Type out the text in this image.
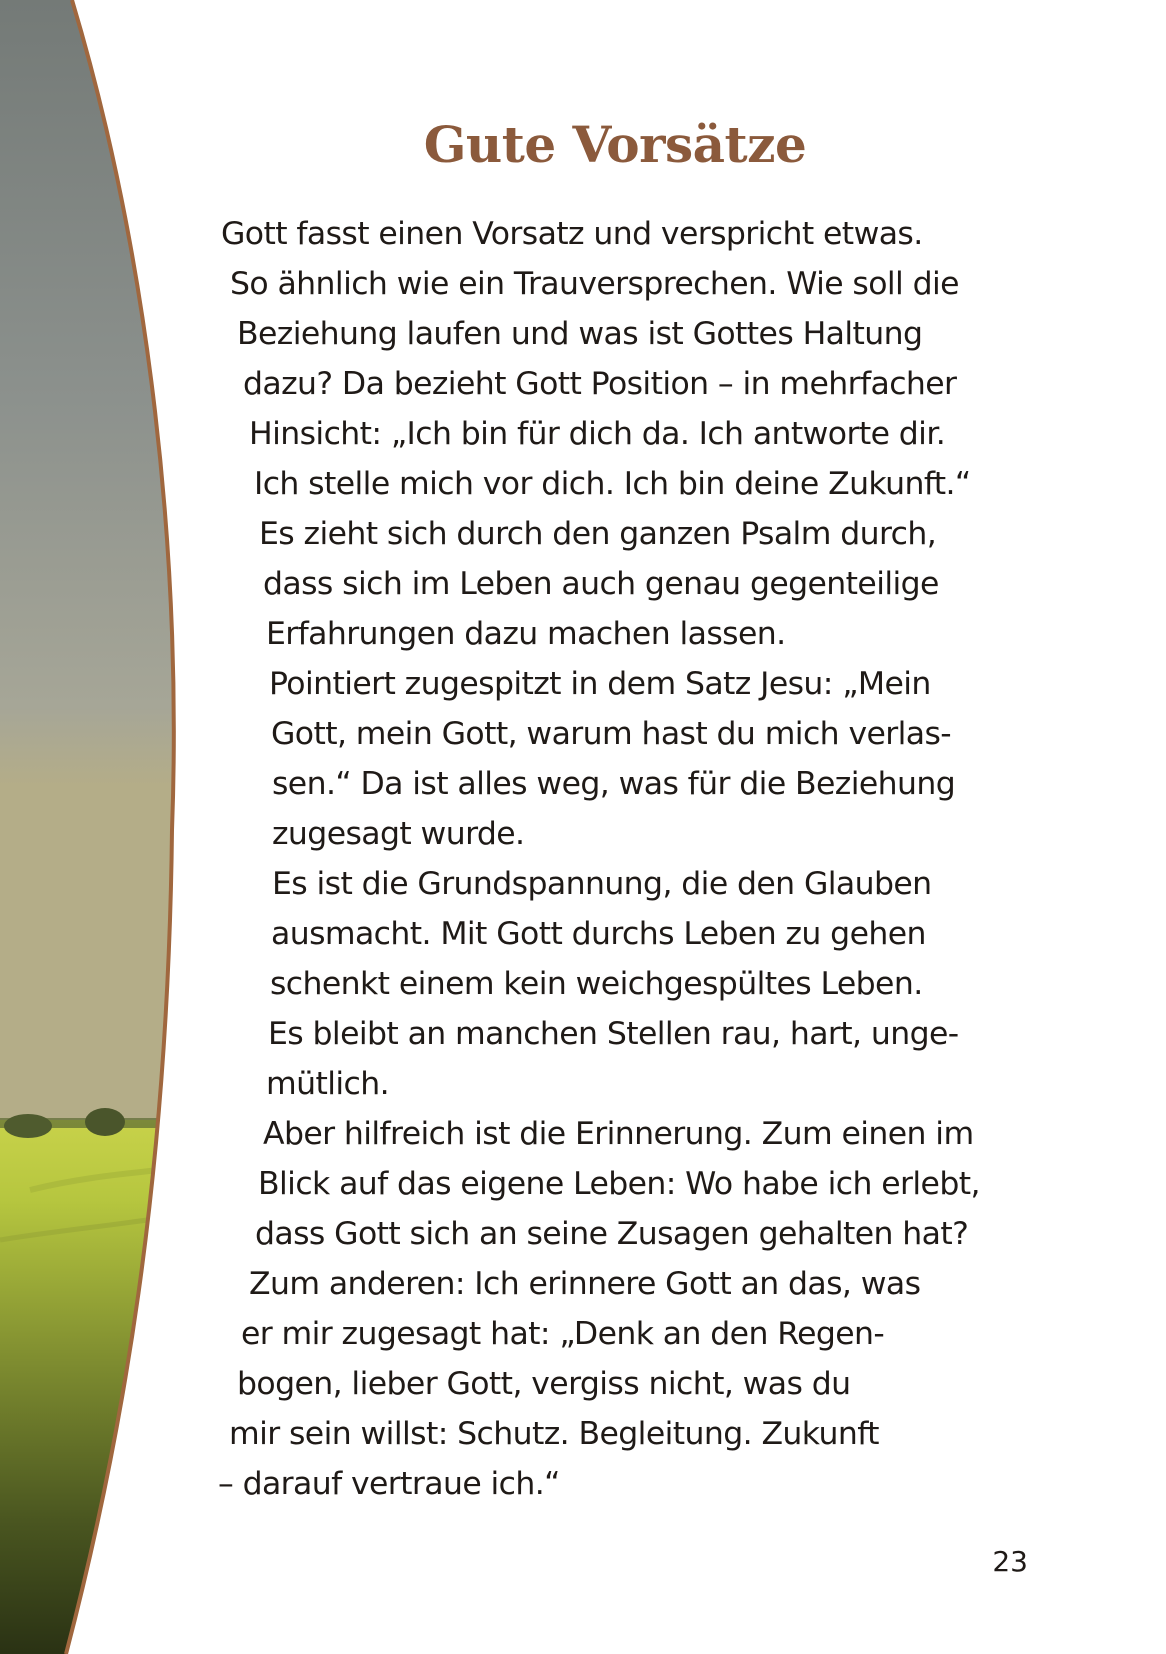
Gute Vorsätze
Gott fasst einen Vorsatz und verspricht etwas.
So ähnlich wie ein Trauversprechen. Wie soll die
Beziehung laufen und was ist Gottes Haltung
dazu? Da bezieht Gott Position – in mehrfacher
Hinsicht: „Ich bin für dich da. Ich antworte dir.
Ich stelle mich vor dich. Ich bin deine Zukunft.“
Es zieht sich durch den ganzen Psalm durch,
dass sich im Leben auch genau gegenteilige
Erfahrungen dazu machen lassen.
Pointiert zugespitzt in dem Satz Jesu: „Mein
Gott, mein Gott, warum hast du mich verlas-
sen.“ Da ist alles weg, was für die Beziehung
zugesagt wurde.
Es ist die Grundspannung, die den Glauben
ausmacht. Mit Gott durchs Leben zu gehen
schenkt einem kein weichgespültes Leben.
Es bleibt an manchen Stellen rau, hart, unge-
mütlich.
Aber hilfreich ist die Erinnerung. Zum einen im
Blick auf das eigene Leben: Wo habe ich erlebt,
dass Gott sich an seine Zusagen gehalten hat?
Zum anderen: Ich erinnere Gott an das, was
er mir zugesagt hat: „Denk an den Regen-
bogen, lieber Gott, vergiss nicht, was du
mir sein willst: Schutz. Begleitung. Zukunft
– darauf vertraue ich.“
23
